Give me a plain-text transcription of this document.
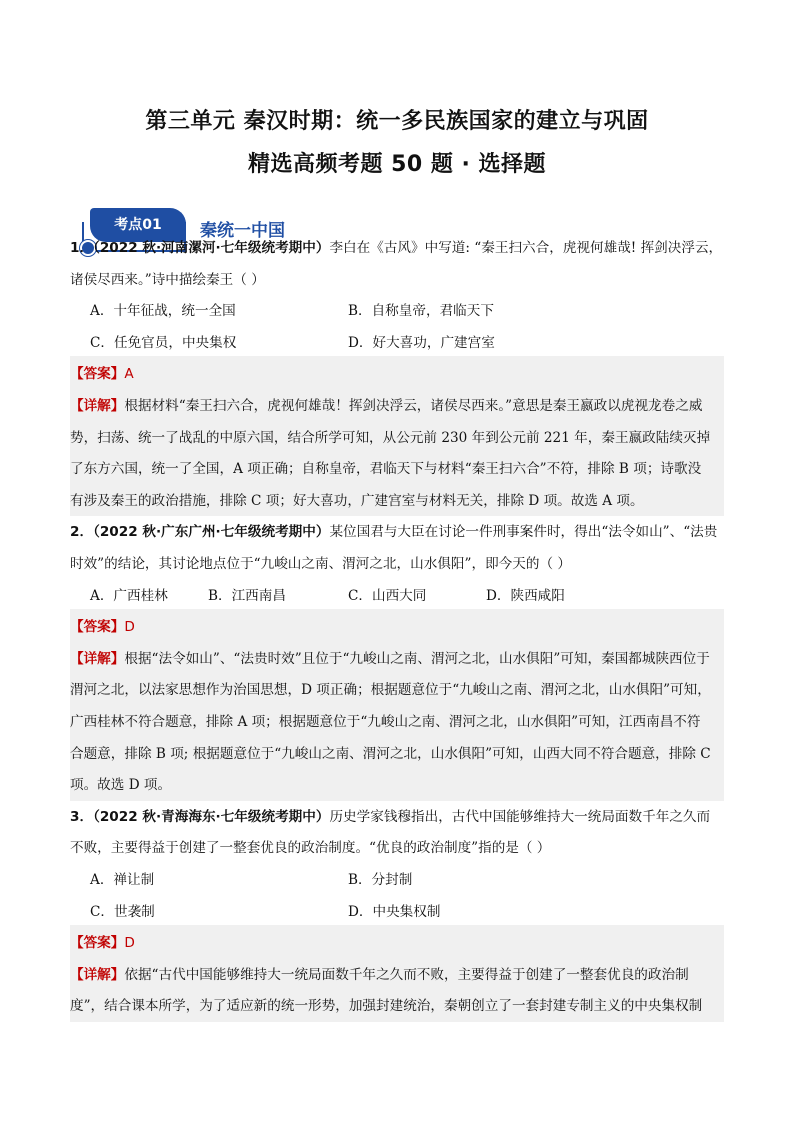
第三单元 秦汉时期：统一多民族国家的建立与巩固
精选高频考题 50 题 · 选择题
考点01	秦统一中国
1．（2022 秋·河南漯河·七年级统考期中）李白在《古风》中写道: “秦王扫六合，虎视何雄哉! 挥剑决浮云，
诸侯尽西来。”诗中描绘秦王（ ）
A．十年征战，统一全国	B．自称皇帝，君临天下
C．任免官员，中央集权	D．好大喜功，广建宫室
【答案】A
【详解】根据材料“秦王扫六合，虎视何雄哉！挥剑决浮云，诸侯尽西来。”意思是秦王嬴政以虎视龙卷之威
势，扫荡、统一了战乱的中原六国，结合所学可知，从公元前 230 年到公元前 221 年，秦王嬴政陆续灭掉
了东方六国，统一了全国，A 项正确；自称皇帝，君临天下与材料“秦王扫六合”不符，排除 B 项；诗歌没
有涉及秦王的政治措施，排除 C 项；好大喜功，广建宫室与材料无关，排除 D 项。故选 A 项。
2．（2022 秋·广东广州·七年级统考期中）某位国君与大臣在讨论一件刑事案件时，得出“法令如山”、“法贵
时效”的结论，其讨论地点位于“九峻山之南、渭河之北，山水俱阳”，即今天的（ ）
A．广西桂林	B．江西南昌	C．山西大同	D．陕西咸阳
【答案】D
【详解】根据“法令如山”、“法贵时效”且位于“九峻山之南、渭河之北，山水俱阳”可知，秦国都城陕西位于
渭河之北，以法家思想作为治国思想，D 项正确；根据题意位于“九峻山之南、渭河之北，山水俱阳”可知，
广西桂林不符合题意，排除 A 项；根据题意位于“九峻山之南、渭河之北，山水俱阳”可知，江西南昌不符
合题意，排除 B 项; 根据题意位于“九峻山之南、渭河之北，山水俱阳”可知，山西大同不符合题意，排除 C
项。故选 D 项。
3．（2022 秋·青海海东·七年级统考期中）历史学家钱穆指出，古代中国能够维持大一统局面数千年之久而
不败，主要得益于创建了一整套优良的政治制度。“优良的政治制度”指的是（ ）
A．禅让制	B．分封制
C．世袭制	D．中央集权制
【答案】D
【详解】依据“古代中国能够维持大一统局面数千年之久而不败，主要得益于创建了一整套优良的政治制
度”，结合课本所学，为了适应新的统一形势，加强封建统治，秦朝创立了一套封建专制主义的中央集权制
